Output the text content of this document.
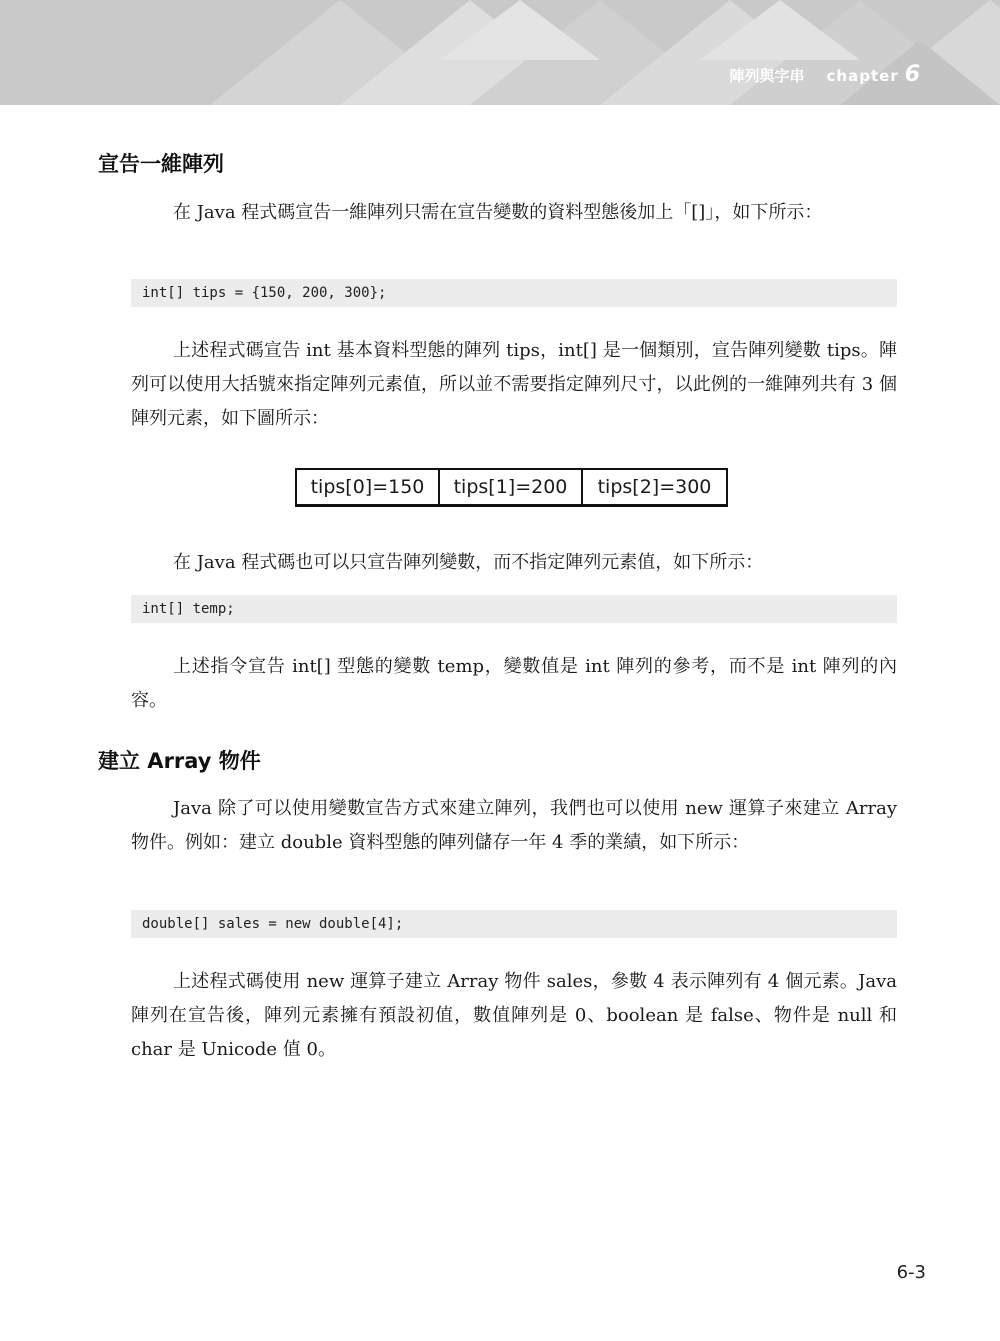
陣列與字串 chapter 6
宣告一維陣列

在 Java 程式碼宣告一維陣列只需在宣告變數的資料型態後加上「[]」，如下所示：

int[] tips = {150, 200, 300};

上述程式碼宣告 int 基本資料型態的陣列 tips，int[] 是一個類別，宣告陣列變數 tips。陣列可以使用大括號來指定陣列元素值，所以並不需要指定陣列尺寸，以此例的一維陣列共有 3 個陣列元素，如下圖所示：

tips[0]=150	tips[1]=200	tips[2]=300

在 Java 程式碼也可以只宣告陣列變數，而不指定陣列元素值，如下所示：

int[] temp;

上述指令宣告 int[] 型態的變數 temp，變數值是 int 陣列的參考，而不是 int 陣列的內容。

建立 Array 物件

Java 除了可以使用變數宣告方式來建立陣列，我們也可以使用 new 運算子來建立 Array 物件。例如：建立 double 資料型態的陣列儲存一年 4 季的業績，如下所示：

double[] sales = new double[4];

上述程式碼使用 new 運算子建立 Array 物件 sales，參數 4 表示陣列有 4 個元素。Java 陣列在宣告後，陣列元素擁有預設初值，數值陣列是 0、boolean 是 false、物件是 null 和 char 是 Unicode 值 0。

6-3
